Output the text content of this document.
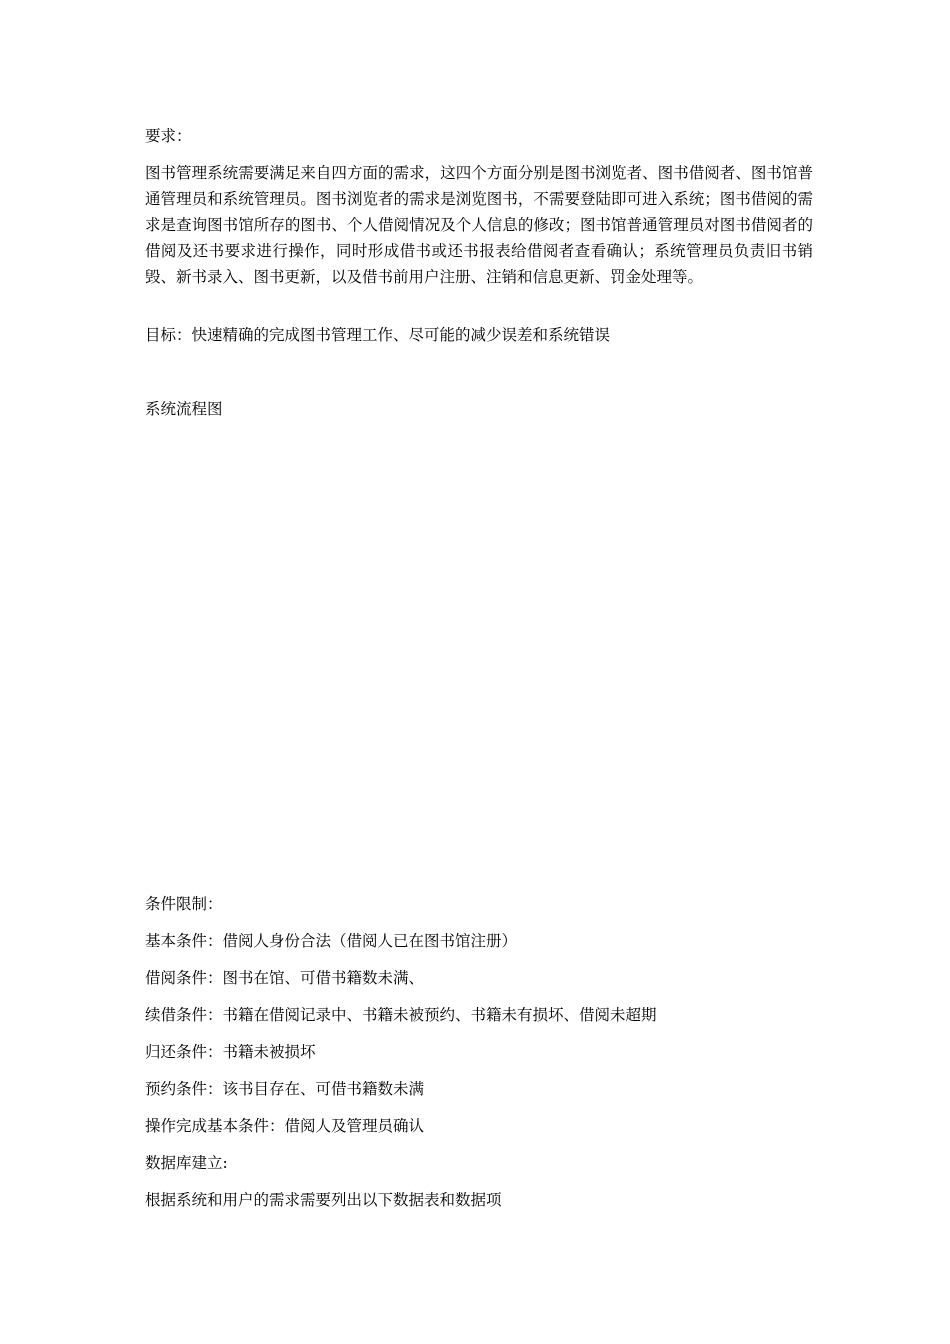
要求：
图书管理系统需要满足来自四方面的需求，这四个方面分别是图书浏览者、图书借阅者、图书馆普通管理员和系统管理员。图书浏览者的需求是浏览图书，不需要登陆即可进入系统；图书借阅的需求是查询图书馆所存的图书、个人借阅情况及个人信息的修改；图书馆普通管理员对图书借阅者的借阅及还书要求进行操作，同时形成借书或还书报表给借阅者查看确认；系统管理员负责旧书销毁、新书录入、图书更新，以及借书前用户注册、注销和信息更新、罚金处理等。
目标：快速精确的完成图书管理工作、尽可能的减少误差和系统错误
系统流程图
条件限制：
基本条件：借阅人身份合法（借阅人已在图书馆注册）
借阅条件：图书在馆、可借书籍数未满、
续借条件：书籍在借阅记录中、书籍未被预约、书籍未有损坏、借阅未超期
归还条件：书籍未被损坏
预约条件：该书目存在、可借书籍数未满
操作完成基本条件：借阅人及管理员确认
数据库建立:
根据系统和用户的需求需要列出以下数据表和数据项
